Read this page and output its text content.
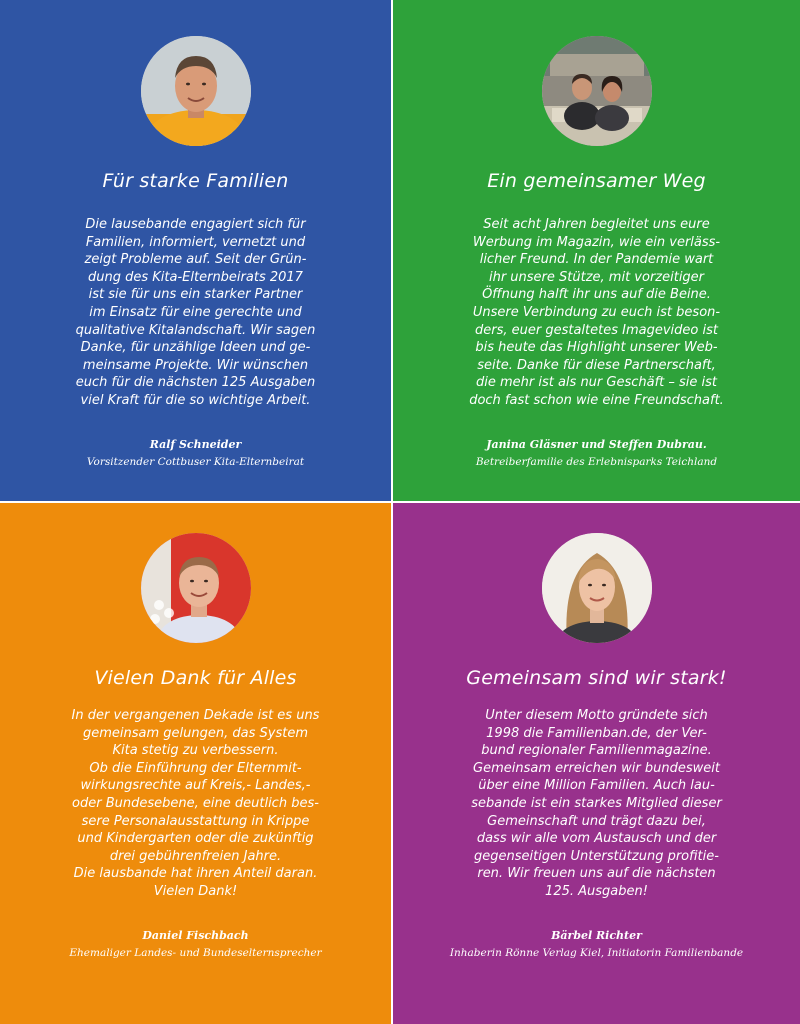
Für starke Familien
Die lausebande engagiert sich für
Familien, informiert, vernetzt und
zeigt Probleme auf. Seit der Grün-
dung des Kita-Elternbeirats 2017
ist sie für uns ein starker Partner
im Einsatz für eine gerechte und
qualitative Kitalandschaft. Wir sagen
Danke, für unzählige Ideen und ge-
meinsame Projekte. Wir wünschen
euch für die nächsten 125 Ausgaben
viel Kraft für die so wichtige Arbeit.
Ralf Schneider
Vorsitzender Cottbuser Kita-Elternbeirat
Ein gemeinsamer Weg
Seit acht Jahren begleitet uns eure
Werbung im Magazin, wie ein verläss-
licher Freund. In der Pandemie wart
ihr unsere Stütze, mit vorzeitiger
Öffnung halft ihr uns auf die Beine.
Unsere Verbindung zu euch ist beson-
ders, euer gestaltetes Imagevideo ist
bis heute das Highlight unserer Web-
seite. Danke für diese Partnerschaft,
die mehr ist als nur Geschäft – sie ist
doch fast schon wie eine Freundschaft.
Janina Gläsner und Steffen Dubrau.
Betreiberfamilie des Erlebnisparks Teichland
Vielen Dank für Alles
In der vergangenen Dekade ist es uns
gemeinsam gelungen, das System
Kita stetig zu verbessern.
Ob die Einführung der Elternmit-
wirkungsrechte auf Kreis,- Landes,-
oder Bundesebene, eine deutlich bes-
sere Personalausstattung in Krippe
und Kindergarten oder die zukünftig
drei gebührenfreien Jahre.
Die lausbande hat ihren Anteil daran.
Vielen Dank!
Daniel Fischbach
Ehemaliger Landes- und Bundeselternsprecher
Gemeinsam sind wir stark!
Unter diesem Motto gründete sich
1998 die Familienban.de, der Ver-
bund regionaler Familienmagazine.
Gemeinsam erreichen wir bundesweit
über eine Million Familien. Auch lau-
sebande ist ein starkes Mitglied dieser
Gemeinschaft und trägt dazu bei,
dass wir alle vom Austausch und der
gegenseitigen Unterstützung profitie-
ren. Wir freuen uns auf die nächsten
125. Ausgaben!
Bärbel Richter
Inhaberin Rönne Verlag Kiel, Initiatorin Familienbande
